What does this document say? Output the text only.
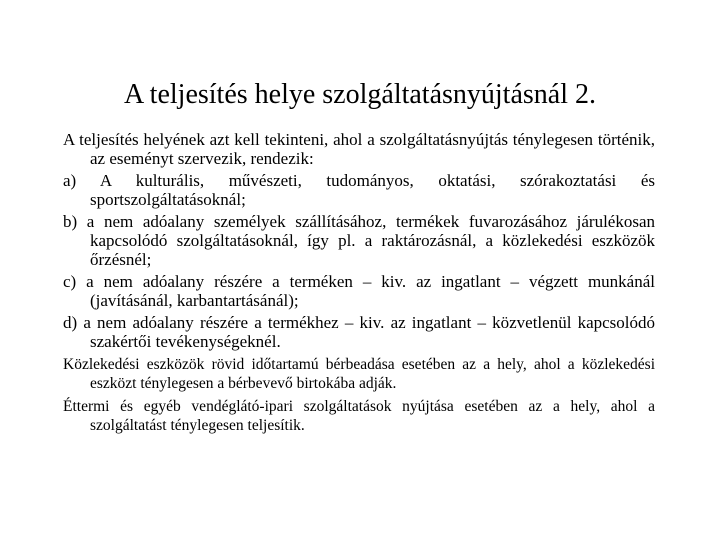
A teljesítés helye szolgáltatásnyújtásnál 2.

A teljesítés helyének azt kell tekinteni, ahol a szolgáltatásnyújtás ténylegesen történik, az eseményt szervezik, rendezik:

a) A kulturális, művészeti, tudományos, oktatási, szórakoztatási és sportszolgáltatásoknál;

b) a nem adóalany személyek szállításához, termékek fuvarozásához járulékosan kapcsolódó szolgáltatásoknál, így pl. a raktározásnál, a közlekedési eszközök őrzésnél;

c) a nem adóalany részére a terméken – kiv. az ingatlant – végzett munkánál (javításánál, karbantartásánál);

d) a nem adóalany részére a termékhez – kiv. az ingatlant – közvetlenül kapcsolódó szakértői tevékenységeknél.

Közlekedési eszközök rövid időtartamú bérbeadása esetében az a hely, ahol a közlekedési eszközt ténylegesen a bérbevevő birtokába adják.

Éttermi és egyéb vendéglátó-ipari szolgáltatások nyújtása esetében az a hely, ahol a szolgáltatást ténylegesen teljesítik.
